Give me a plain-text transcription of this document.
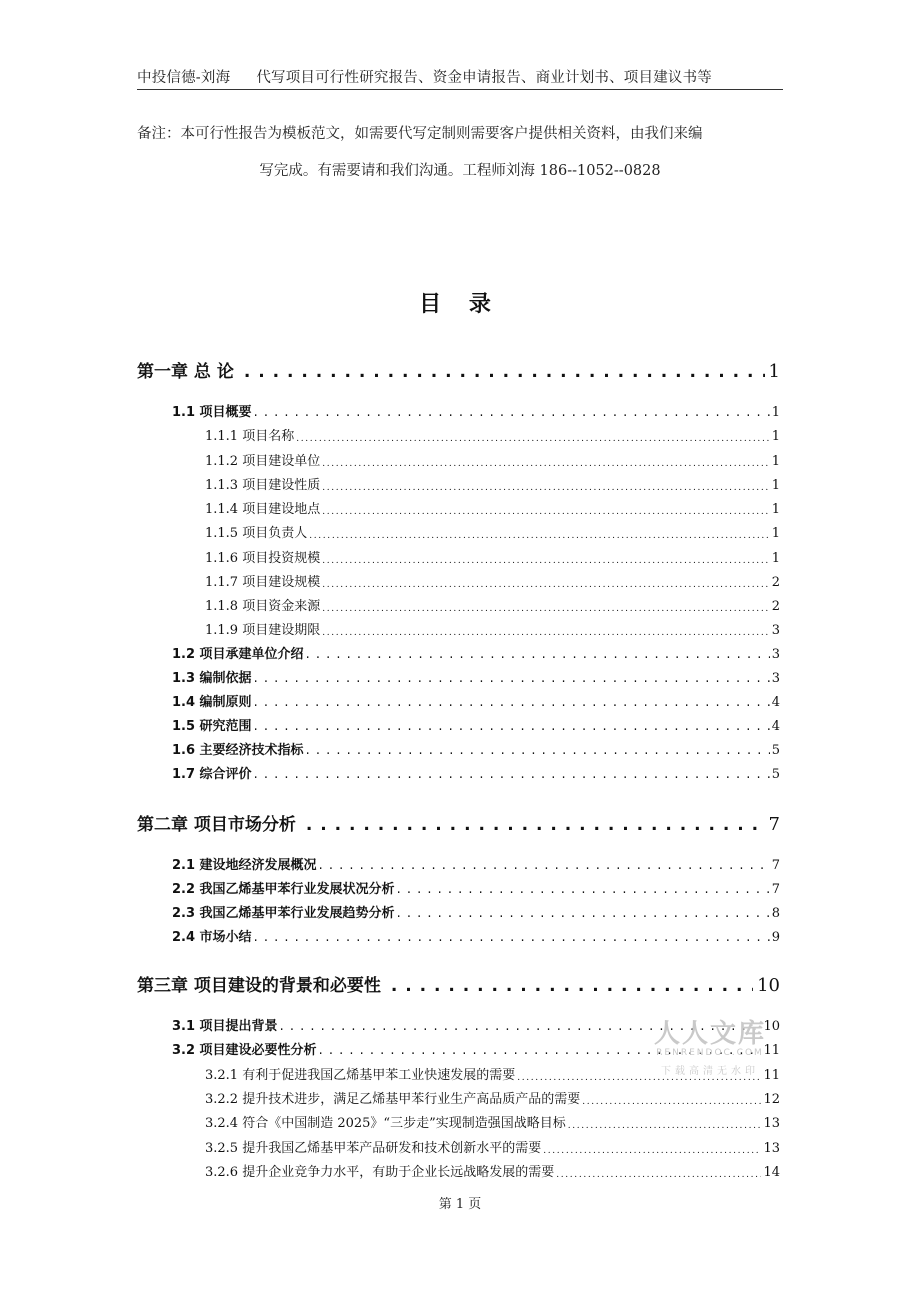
中投信德-刘海 代写项目可行性研究报告、资金申请报告、商业计划书、项目建议书等
备注：本可行性报告为模板范文，如需要代写定制则需要客户提供相关资料，由我们来编
写完成。有需要请和我们沟通。工程师刘海 186--1052--0828
目 录
第一章 总 论 . . .	1
1.1 项目概要 . . .	1
1.1.1 项目名称 . . .	1
1.1.2 项目建设单位 . . .	1
1.1.3 项目建设性质 . . .	1
1.1.4 项目建设地点 . . .	1
1.1.5 项目负责人 . . .	1
1.1.6 项目投资规模 . . .	1
1.1.7 项目建设规模 . . .	2
1.1.8 项目资金来源 . . .	2
1.1.9 项目建设期限 . . .	3
1.2 项目承建单位介绍 . . .	3
1.3 编制依据 . . .	3
1.4 编制原则 . . .	4
1.5 研究范围 . . .	4
1.6 主要经济技术指标 . . .	5
1.7 综合评价 . . .	5
第二章 项目市场分析 . . .	7
2.1 建设地经济发展概况 . . .	7
2.2 我国乙烯基甲苯行业发展状况分析 . . .	7
2.3 我国乙烯基甲苯行业发展趋势分析 . . .	8
2.4 市场小结 . . .	9
第三章 项目建设的背景和必要性 . . .	10
3.1 项目提出背景 . . .	10
3.2 项目建设必要性分析 . . .	11
3.2.1 有利于促进我国乙烯基甲苯工业快速发展的需要 . . .	11
3.2.2 提升技术进步，满足乙烯基甲苯行业生产高品质产品的需要 . . .	12
3.2.4 符合《中国制造 2025》“三步走”实现制造强国战略目标 . . .	13
3.2.5 提升我国乙烯基甲苯产品研发和技术创新水平的需要 . . .	13
3.2.6 提升企业竞争力水平，有助于企业长远战略发展的需要 . . .	14
人人文库
RENRENDOC.COM
下载高清无水印
第 1 页
